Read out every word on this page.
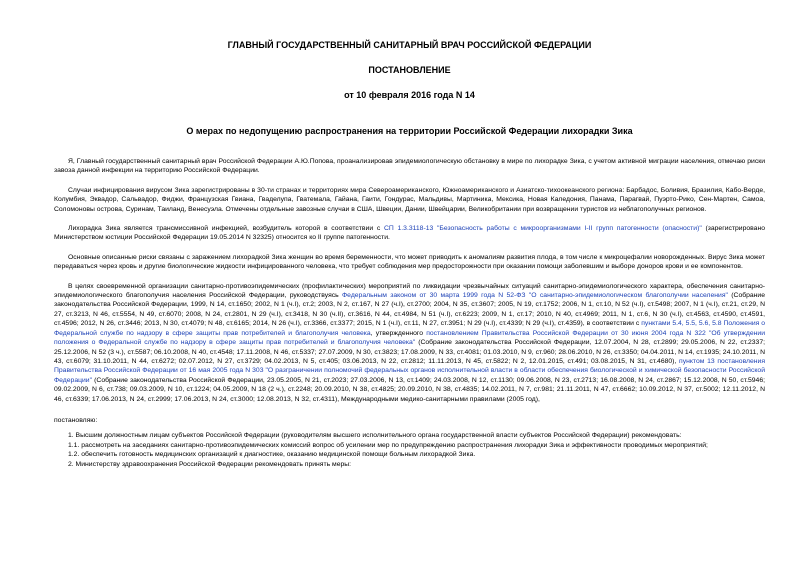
ГЛАВНЫЙ ГОСУДАРСТВЕННЫЙ САНИТАРНЫЙ ВРАЧ РОССИЙСКОЙ ФЕДЕРАЦИИ
ПОСТАНОВЛЕНИЕ
от 10 февраля 2016 года N 14
О мерах по недопущению распространения на территории Российской Федерации лихорадки Зика

Я, Главный государственный санитарный врач Российской Федерации А.Ю.Попова, проанализировав эпидемиологическую обстановку в мире по лихорадке Зика, с учетом активной миграции населения, отмечаю риски завоза данной инфекции на территорию Российской Федерации.

Случаи инфицирования вирусом Зика зарегистрированы в 30-ти странах и территориях мира Североамериканского, Южноамериканского и Азиатско-тихоокеанского региона: Барбадос, Боливия, Бразилия, Кабо-Верде, Колумбия, Эквадор, Сальвадор, Фиджи, Французская Гвиана, Гваделупа, Гватемала, Гайана, Гаити, Гондурас, Мальдивы, Мартиника, Мексика, Новая Каледония, Панама, Парагвай, Пуэрто-Рико, Сен-Мартен, Самоа, Соломоновы острова, Суринам, Таиланд, Венесуэла. Отмечены отдельные завозные случаи в США, Швеции, Дании, Швейцарии, Великобритании при возвращении туристов из неблагополучных регионов.

Лихорадка Зика является трансмиссивной инфекцией, возбудитель которой в соответствии с СП 1.3.3118-13 "Безопасность работы с микроорганизмами I-II групп патогенности (опасности)" (зарегистрировано Министерством юстиции Российской Федерации 19.05.2014 N 32325) относится ко II группе патогенности.

Основные описанные риски связаны с заражением лихорадкой Зика женщин во время беременности, что может приводить к аномалиям развития плода, в том числе к микроцефалии новорожденных. Вирус Зика может передаваться через кровь и другие биологические жидкости инфицированного человека, что требует соблюдения мер предосторожности при оказании помощи заболевшим и выборе доноров крови и ее компонентов.

В целях своевременной организации санитарно-противоэпидемических (профилактических) мероприятий по ликвидации чрезвычайных ситуаций санитарно-эпидемиологического характера, обеспечения санитарно-эпидемиологического благополучия населения Российской Федерации, руководствуясь Федеральным законом от 30 марта 1999 года N 52-ФЗ "О санитарно-эпидемиологическом благополучии населения" (Собрание законодательства Российской Федерации, 1999, N 14, ст.1650; 2002, N 1 (ч.I), ст.2; 2003, N 2, ст.167, N 27 (ч.I), ст.2700; 2004, N 35, ст.3607; 2005, N 19, ст.1752; 2006, N 1, ст.10, N 52 (ч.I), ст.5498; 2007, N 1 (ч.I), ст.21, ст.29, N 27, ст.3213, N 46, ст.5554, N 49, ст.6070; 2008, N 24, ст.2801, N 29 (ч.I), ст.3418, N 30 (ч.II), ст.3616, N 44, ст.4984, N 51 (ч.I), ст.6223; 2009, N 1, ст.17; 2010, N 40, ст.4969; 2011, N 1, ст.6, N 30 (ч.I), ст.4563, ст.4590, ст.4591, ст.4596; 2012, N 26, ст.3446; 2013, N 30, ст.4079; N 48, ст.6165; 2014, N 26 (ч.I), ст.3366, ст.3377; 2015, N 1 (ч.I), ст.11, N 27, ст.3951; N 29 (ч.I), ст.4339; N 29 (ч.I), ст.4359), в соответствии с пунктами 5.4, 5.5, 5.6, 5.8 Положения о Федеральной службе по надзору в сфере защиты прав потребителей и благополучия человека, утвержденного постановлением Правительства Российской Федерации от 30 июня 2004 года N 322 "Об утверждении положения о Федеральной службе по надзору в сфере защиты прав потребителей и благополучия человека" (Собрание законодательства Российской Федерации, 12.07.2004, N 28, ст.2899; 29.05.2006, N 22, ст.2337; 25.12.2006, N 52 (3 ч.), ст.5587; 06.10.2008, N 40, ст.4548; 17.11.2008, N 46, ст.5337; 27.07.2009, N 30, ст.3823; 17.08.2009, N 33, ст.4081; 01.03.2010, N 9, ст.960; 28.06.2010, N 26, ст.3350; 04.04.2011, N 14, ст.1935; 24.10.2011, N 43, ст.6079; 31.10.2011, N 44, ст.6272; 02.07.2012, N 27, ст.3729; 04.02.2013, N 5, ст.405; 03.06.2013, N 22, ст.2812; 11.11.2013, N 45, ст.5822; N 2, 12.01.2015, ст.491; 03.08.2015, N 31, ст.4680), пунктом 13 постановления Правительства Российской Федерации от 16 мая 2005 года N 303 "О разграничении полномочий федеральных органов исполнительной власти в области обеспечения биологической и химической безопасности Российской Федерации" (Собрание законодательства Российской Федерации, 23.05.2005, N 21, ст.2023; 27.03.2006, N 13, ст.1409; 24.03.2008, N 12, ст.1130; 09.06.2008, N 23, ст.2713; 16.08.2008, N 24, ст.2867; 15.12.2008, N 50, ст.5946; 09.02.2009, N 6, ст.738; 09.03.2009, N 10, ст.1224; 04.05.2009, N 18 (2 ч.), ст.2248; 20.09.2010, N 38, ст.4825; 20.09.2010, N 38, ст.4835; 14.02.2011, N 7, ст.981; 21.11.2011, N 47, ст.6662; 10.09.2012, N 37, ст.5002; 12.11.2012, N 46, ст.6339; 17.06.2013, N 24, ст.2999; 17.06.2013, N 24, ст.3000; 12.08.2013, N 32, ст.4311), Международными медико-санитарными правилами (2005 год),

постановляю:

1. Высшим должностным лицам субъектов Российской Федерации (руководителям высшего исполнительного органа государственной власти субъектов Российской Федерации) рекомендовать:

1.1. рассмотреть на заседаниях санитарно-противоэпидемических комиссий вопрос об усилении мер по предупреждению распространения лихорадки Зика и эффективности проводимых мероприятий;

1.2. обеспечить готовность медицинских организаций к диагностике, оказанию медицинской помощи больным лихорадкой Зика.

2. Министерству здравоохранения Российской Федерации рекомендовать принять меры:
